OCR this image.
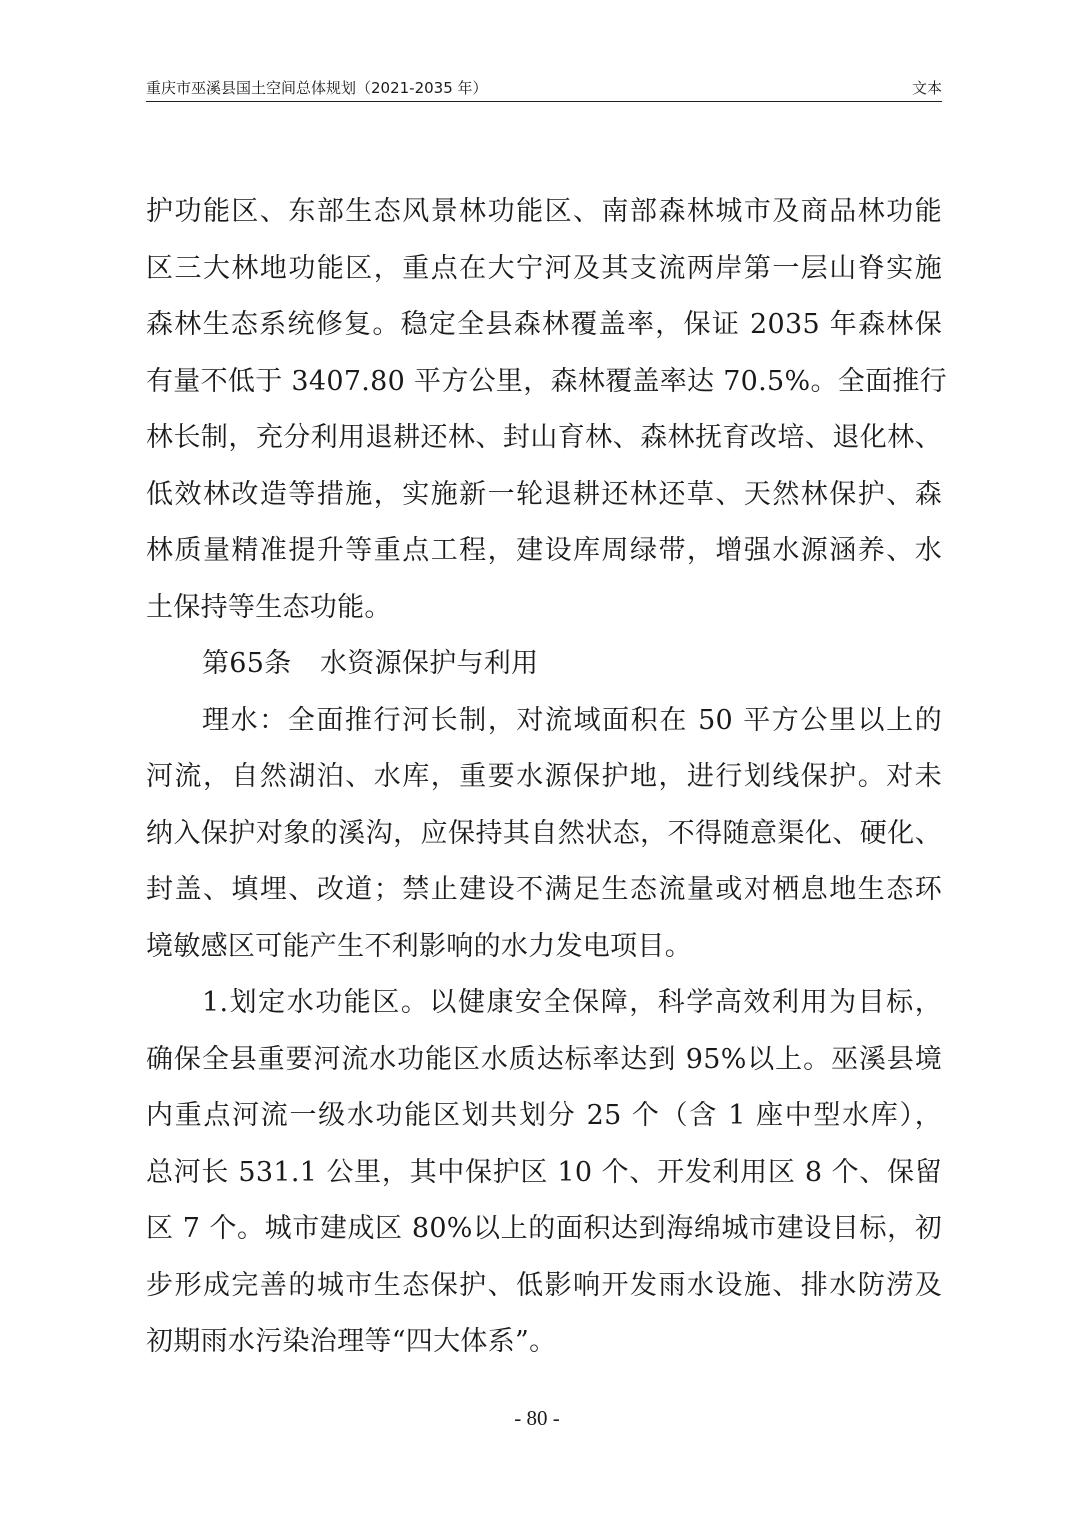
重庆市巫溪县国土空间总体规划（2021-2035 年）	文本
护功能区、东部生态风景林功能区、南部森林城市及商品林功能
区三大林地功能区，重点在大宁河及其支流两岸第一层山脊实施
森林生态系统修复。稳定全县森林覆盖率，保证 2035 年森林保
有量不低于 3407.80 平方公里，森林覆盖率达 70.5%。全面推行
林长制，充分利用退耕还林、封山育林、森林抚育改培、退化林、
低效林改造等措施，实施新一轮退耕还林还草、天然林保护、森
林质量精准提升等重点工程，建设库周绿带，增强水源涵养、水
土保持等生态功能。
第65条 水资源保护与利用
理水：全面推行河长制，对流域面积在 50 平方公里以上的
河流，自然湖泊、水库，重要水源保护地，进行划线保护。对未
纳入保护对象的溪沟，应保持其自然状态，不得随意渠化、硬化、
封盖、填埋、改道；禁止建设不满足生态流量或对栖息地生态环
境敏感区可能产生不利影响的水力发电项目。
1.划定水功能区。以健康安全保障，科学高效利用为目标，
确保全县重要河流水功能区水质达标率达到 95%以上。巫溪县境
内重点河流一级水功能区划共划分 25 个（含 1 座中型水库），
总河长 531.1 公里，其中保护区 10 个、开发利用区 8 个、保留
区 7 个。城市建成区 80%以上的面积达到海绵城市建设目标，初
步形成完善的城市生态保护、低影响开发雨水设施、排水防涝及
初期雨水污染治理等“四大体系”。
- 80 -
